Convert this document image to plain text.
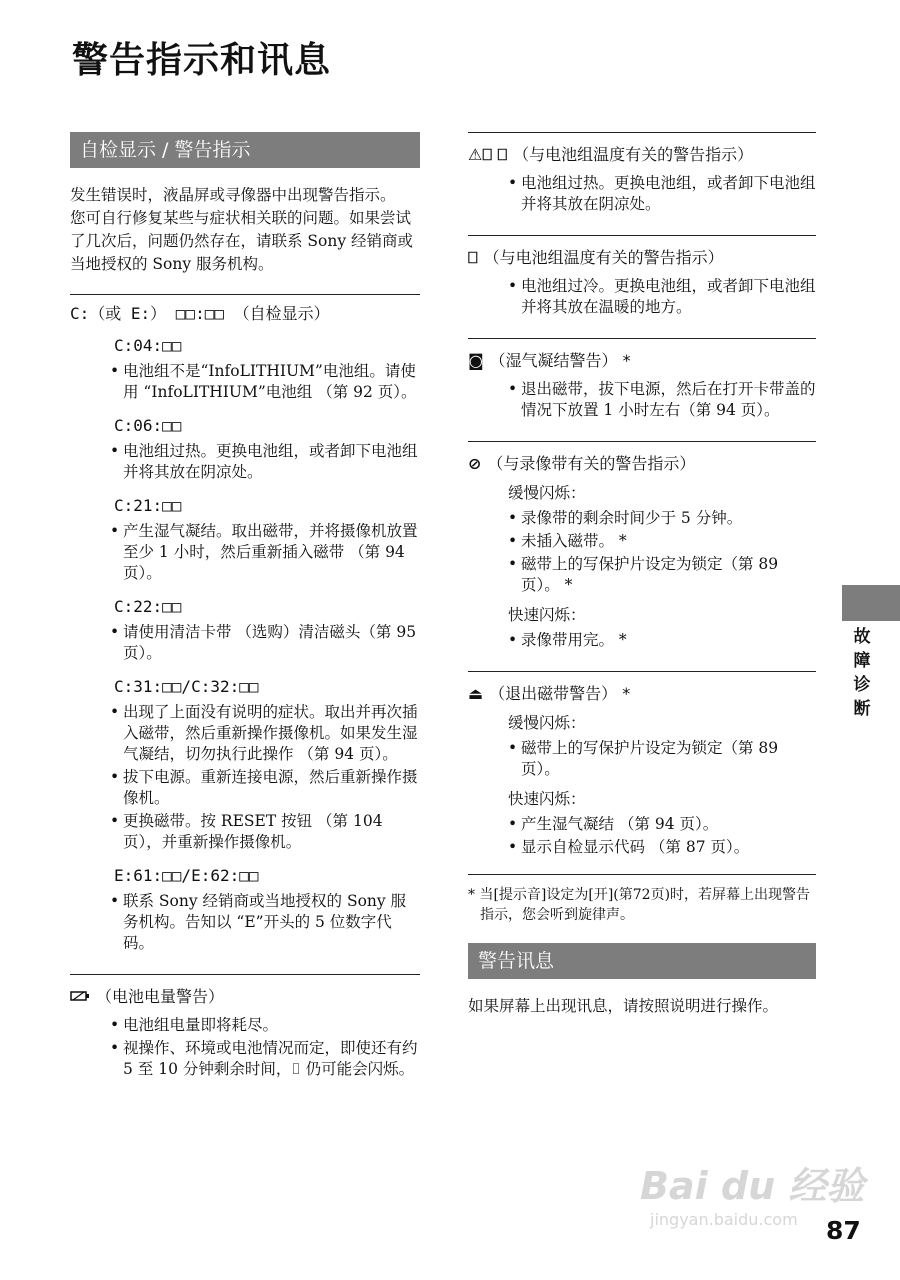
警告指示和讯息
自检显示 / 警告指示

发生错误时，液晶屏或寻像器中出现警告指示。

您可自行修复某些与症状相关联的问题。如果尝试了几次后，问题仍然存在，请联系 Sony 经销商或当地授权的 Sony 服务机构。

C:（或 E:） □□:□□ （自检显示）

C:04:□□

• 电池组不是“InfoLITHIUM”电池组。请使用 “InfoLITHIUM”电池组 （第 92 页）。

C:06:□□

• 电池组过热。更换电池组，或者卸下电池组并将其放在阴凉处。

C:21:□□

• 产生湿气凝结。取出磁带，并将摄像机放置至少 1 小时，然后重新插入磁带 （第 94 页）。

C:22:□□

• 请使用清洁卡带 （选购）清洁磁头（第 95 页）。

C:31:□□/C:32:□□

• 出现了上面没有说明的症状。取出并再次插入磁带，然后重新操作摄像机。如果发生湿气凝结，切勿执行此操作 （第 94 页）。
• 拔下电源。重新连接电源，然后重新操作摄像机。
• 更换磁带。按 RESET 按钮 （第 104 页），并重新操作摄像机。

E:61:□□/E:62:□□

• 联系 Sony 经销商或当地授权的 Sony 服务机构。告知以 “E”开头的 5 位数字代码。

（电池电量警告）

• 电池组电量即将耗尽。
• 视操作、环境或电池情况而定，即使还有约 5 至 10 分钟剩余时间，⌷ 仍可能会闪烁。

⚠⎕ ⎕ （与电池组温度有关的警告指示）

• 电池组过热。更换电池组，或者卸下电池组并将其放在阴凉处。

⎕ （与电池组温度有关的警告指示）

• 电池组过冷。更换电池组，或者卸下电池组并将其放在温暖的地方。

◙ （湿气凝结警告） *

• 退出磁带，拔下电源，然后在打开卡带盖的情况下放置 1 小时左右（第 94 页）。

⊘ （与录像带有关的警告指示）

缓慢闪烁：

• 录像带的剩余时间少于 5 分钟。
• 未插入磁带。 *
• 磁带上的写保护片设定为锁定（第 89 页）。 *

快速闪烁：

• 录像带用完。 *

⏏ （退出磁带警告） *

缓慢闪烁：

• 磁带上的写保护片设定为锁定（第 89 页）。

快速闪烁：

• 产生湿气凝结 （第 94 页）。
• 显示自检显示代码 （第 87 页）。

* 当[提示音]设定为[开](第72页)时，若屏幕上出现警告指示，您会听到旋律声。

警告讯息

如果屏幕上出现讯息，请按照说明进行操作。

故
障
诊
断
Bai du 经验
jingyan.baidu.com	87
